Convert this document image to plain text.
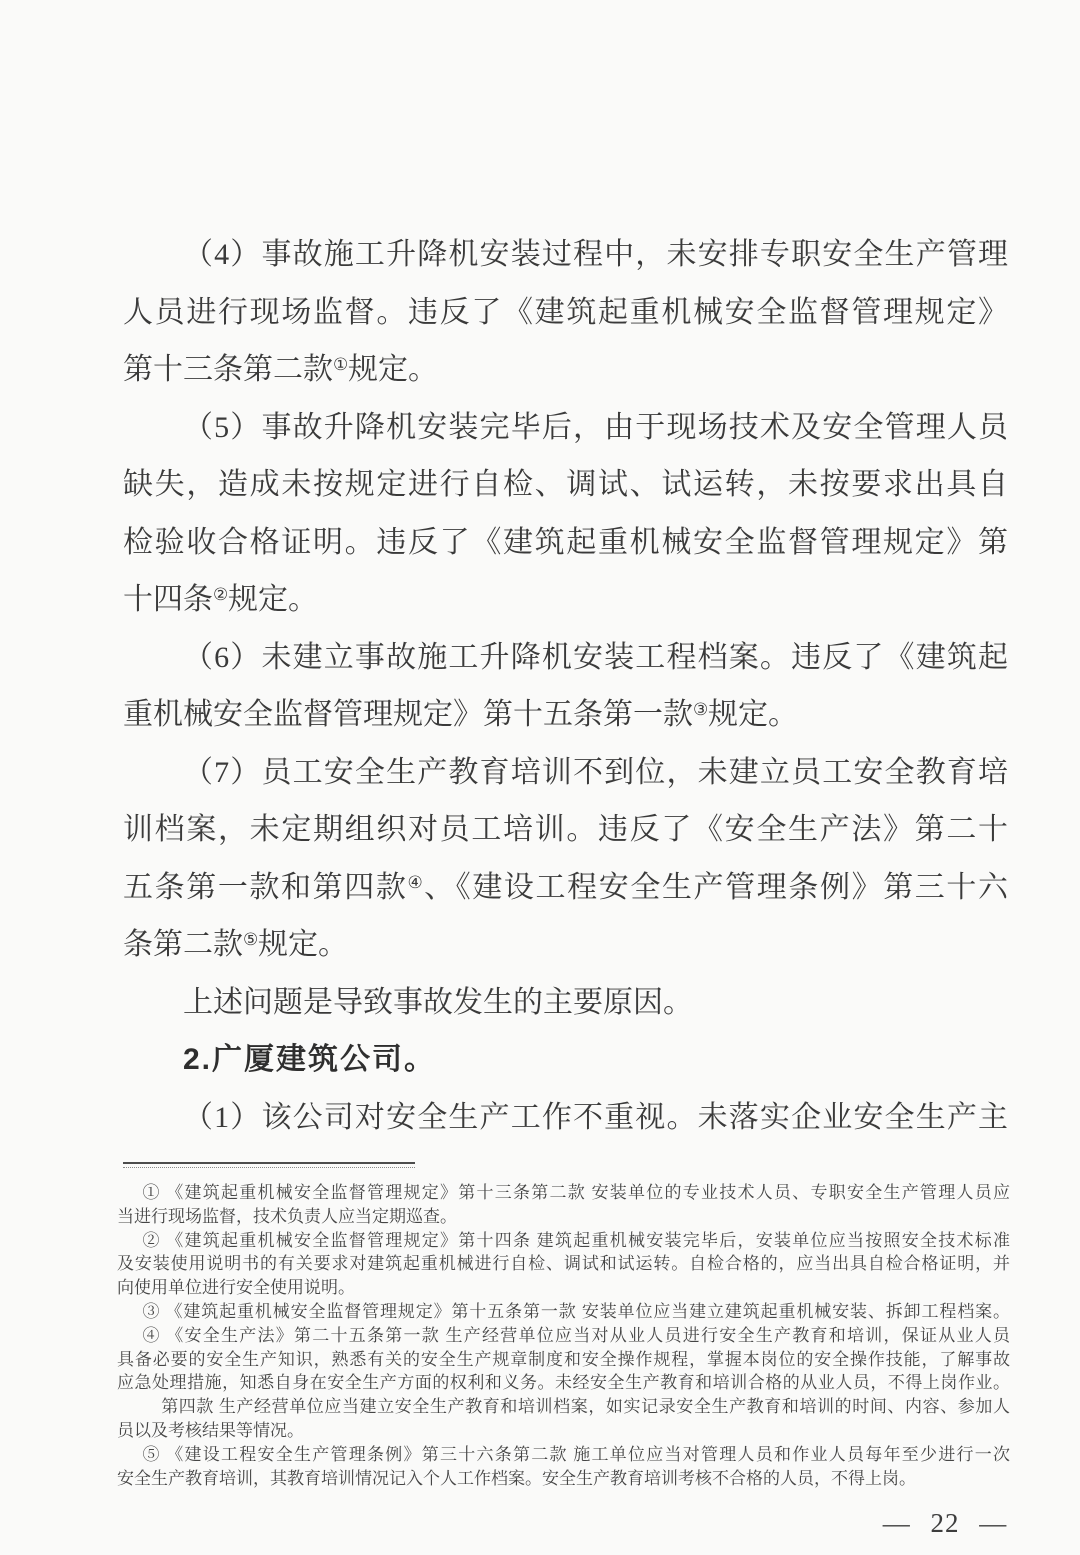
（4）事故施工升降机安装过程中，未安排专职安全生产管理
人员进行现场监督。违反了《建筑起重机械安全监督管理规定》
第十三条第二款①规定。
（5）事故升降机安装完毕后，由于现场技术及安全管理人员
缺失，造成未按规定进行自检、调试、试运转，未按要求出具自
检验收合格证明。违反了《建筑起重机械安全监督管理规定》第
十四条②规定。
（6）未建立事故施工升降机安装工程档案。违反了《建筑起
重机械安全监督管理规定》第十五条第一款③规定。
（7）员工安全生产教育培训不到位，未建立员工安全教育培
训档案，未定期组织对员工培训。违反了《安全生产法》第二十
五条第一款和第四款④、《建设工程安全生产管理条例》第三十六
条第二款⑤规定。
上述问题是导致事故发生的主要原因。
2.广厦建筑公司。
（1）该公司对安全生产工作不重视。未落实企业安全生产主
① 《建筑起重机械安全监督管理规定》第十三条第二款 安装单位的专业技术人员、专职安全生产管理人员应
当进行现场监督，技术负责人应当定期巡查。
② 《建筑起重机械安全监督管理规定》第十四条 建筑起重机械安装完毕后，安装单位应当按照安全技术标准
及安装使用说明书的有关要求对建筑起重机械进行自检、调试和试运转。自检合格的，应当出具自检合格证明，并
向使用单位进行安全使用说明。
③ 《建筑起重机械安全监督管理规定》第十五条第一款 安装单位应当建立建筑起重机械安装、拆卸工程档案。
④ 《安全生产法》第二十五条第一款 生产经营单位应当对从业人员进行安全生产教育和培训，保证从业人员
具备必要的安全生产知识，熟悉有关的安全生产规章制度和安全操作规程，掌握本岗位的安全操作技能，了解事故
应急处理措施，知悉自身在安全生产方面的权利和义务。未经安全生产教育和培训合格的从业人员，不得上岗作业。
第四款 生产经营单位应当建立安全生产教育和培训档案，如实记录安全生产教育和培训的时间、内容、参加人
员以及考核结果等情况。
⑤ 《建设工程安全生产管理条例》第三十六条第二款 施工单位应当对管理人员和作业人员每年至少进行一次
安全生产教育培训，其教育培训情况记入个人工作档案。安全生产教育培训考核不合格的人员，不得上岗。
— 22 —
